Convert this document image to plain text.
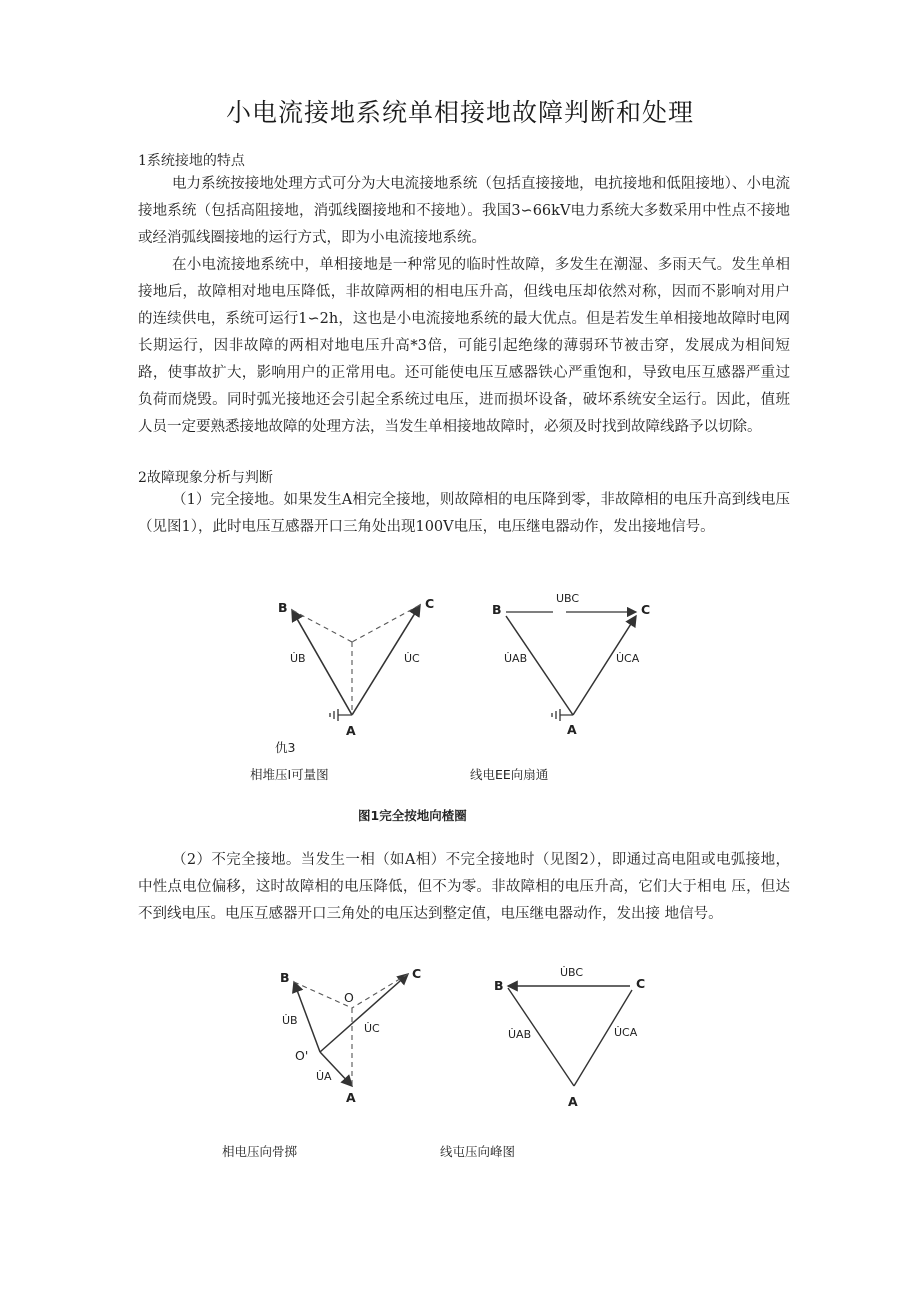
小电流接地系统单相接地故障判断和处理
1系统接地的特点
电力系统按接地处理方式可分为大电流接地系统（包括直接接地，电抗接地和低阻接地）、小电流接地系统（包括高阻接地，消弧线圈接地和不接地）。我国3∽66kV电力系统大多数采用中性点不接地或经消弧线圈接地的运行方式，即为小电流接地系统。
在小电流接地系统中，单相接地是一种常见的临时性故障，多发生在潮湿、多雨天气。发生单相接地后，故障相对地电压降低，非故障两相的相电压升高，但线电压却依然对称，因而不影响对用户的连续供电，系统可运行1∽2h，这也是小电流接地系统的最大优点。但是若发生单相接地故障时电网长期运行，因非故障的两相对地电压升高*3倍，可能引起绝缘的薄弱环节被击穿，发展成为相间短路，使事故扩大，影响用户的正常用电。还可能使电压互感器铁心严重饱和，导致电压互感器严重过负荷而烧毁。同时弧光接地还会引起全系统过电压，进而损坏设备，破坏系统安全运行。因此，值班人员一定要熟悉接地故障的处理方法，当发生单相接地故障时，必须及时找到故障线路予以切除。
2故障现象分析与判断
（1）完全接地。如果发生A相完全接地，则故障相的电压降到零，非故障相的电压升高到线电压（见图1），此时电压互感器开口三角处出现100V电压，电压继电器动作，发出接地信号。
B	C
A
U̇B	U̇C
仇3
B	C
A
UBC
U̇AB	U̇CA
相堆压I可量图	线电EE向扇通
图1完全按地向楂圈
（2）不完全接地。当发生一相（如A相）不完全接地时（见图2），即通过高电阻或电弧接地， 中性点电位偏移，这时故障相的电压降低，但不为零。非故障相的电压升高，它们大于相电 压，但达不到线电压。电压互感器开口三角处的电压达到整定值，电压继电器动作，发出接 地信号。
B	C
A
O
O'
U̇B
U̇C
U̇A
B	C
A
U̇BC
U̇AB	U̇CA
相电压向骨掷	线屯压向峰图
